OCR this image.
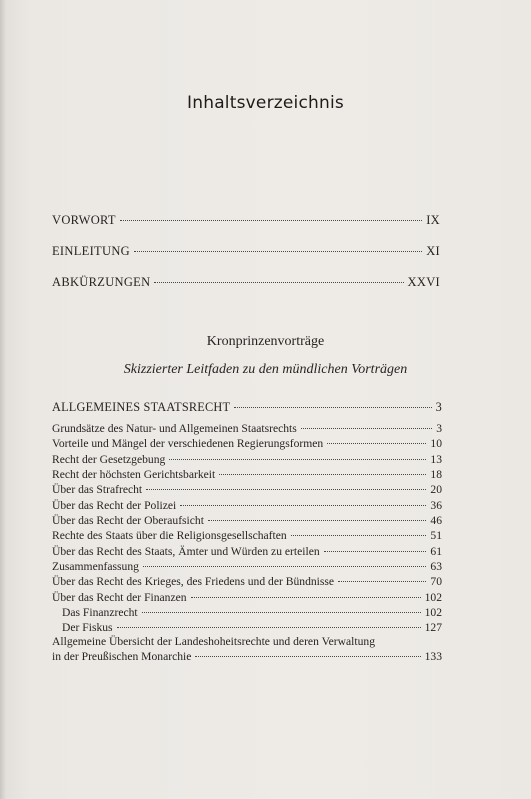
Inhaltsverzeichnis
VORWORT	IX
EINLEITUNG	XI
ABKÜRZUNGEN	XXVI
Kronprinzenvorträge
Skizzierter Leitfaden zu den mündlichen Vorträgen
ALLGEMEINES STAATSRECHT	3
Grundsätze des Natur- und Allgemeinen Staatsrechts	3
Vorteile und Mängel der verschiedenen Regierungsformen	10
Recht der Gesetzgebung	13
Recht der höchsten Gerichtsbarkeit	18
Über das Strafrecht	20
Über das Recht der Polizei	36
Über das Recht der Oberaufsicht	46
Rechte des Staats über die Religionsgesellschaften	51
Über das Recht des Staats, Ämter und Würden zu erteilen	61
Zusammenfassung	63
Über das Recht des Krieges, des Friedens und der Bündnisse	70
Über das Recht der Finanzen	102
Das Finanzrecht	102
Der Fiskus	127
Allgemeine Übersicht der Landeshoheitsrechte und deren Verwaltung
in der Preußischen Monarchie	133
